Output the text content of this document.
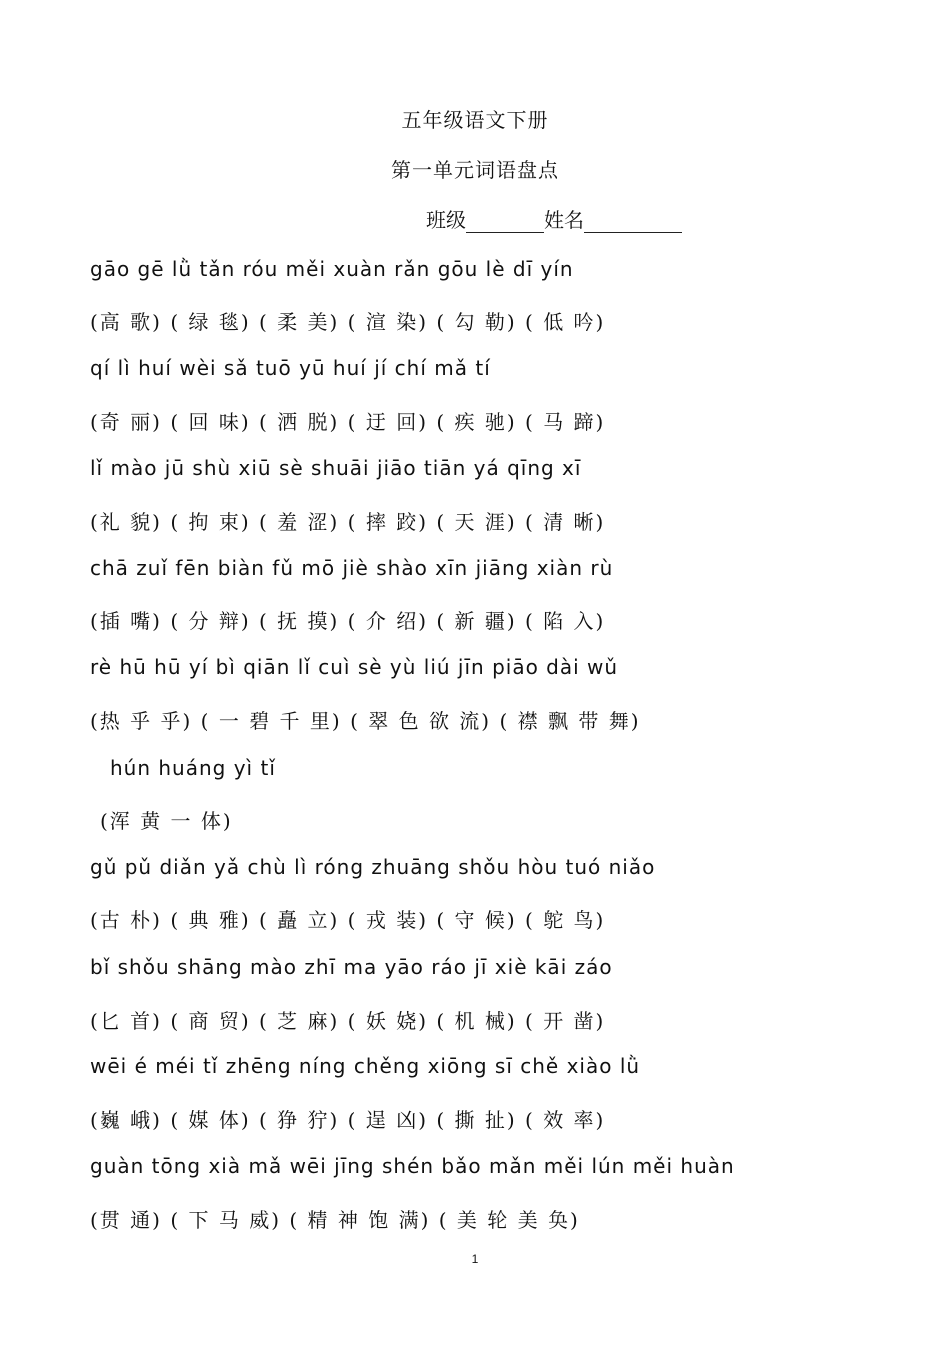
五年级语文下册
第一单元词语盘点
班级	姓名
gāo gē lǜ tǎn róu měi xuàn rǎn gōu lè dī yín
(高 歌) ( 绿 毯) ( 柔 美) ( 渲 染) ( 勾 勒) ( 低 吟)
qí lì huí wèi sǎ tuō yū huí jí chí mǎ tí
(奇 丽) ( 回 味) ( 洒 脱) ( 迂 回) ( 疾 驰) ( 马 蹄)
lǐ mào jū shù xiū sè shuāi jiāo tiān yá qīng xī
(礼 貌) ( 拘 束) ( 羞 涩) ( 摔 跤) ( 天 涯) ( 清 晰)
chā zuǐ fēn biàn fǔ mō jiè shào xīn jiāng xiàn rù
(插 嘴) ( 分 辩) ( 抚 摸) ( 介 绍) ( 新 疆) ( 陷 入)
rè hū hū yí bì qiān lǐ cuì sè yù liú jīn piāo dài wǔ
(热 乎 乎) ( 一 碧 千 里) ( 翠 色 欲 流) ( 襟 飘 带 舞)
hún huáng yì tǐ
(浑 黄 一 体)
gǔ pǔ diǎn yǎ chù lì róng zhuāng shǒu hòu tuó niǎo
(古 朴) ( 典 雅) ( 矗 立) ( 戎 装) ( 守 候) ( 鸵 鸟)
bǐ shǒu shāng mào zhī ma yāo ráo jī xiè kāi záo
(匕 首) ( 商 贸) ( 芝 麻) ( 妖 娆) ( 机 械) ( 开 凿)
wēi é méi tǐ zhēng níng chěng xiōng sī chě xiào lǜ
(巍 峨) ( 媒 体) ( 狰 狞) ( 逞 凶) ( 撕 扯) ( 效 率)
guàn tōng xià mǎ wēi jīng shén bǎo mǎn měi lún měi huàn
(贯 通) ( 下 马 威) ( 精 神 饱 满) ( 美 轮 美 奂)
1
